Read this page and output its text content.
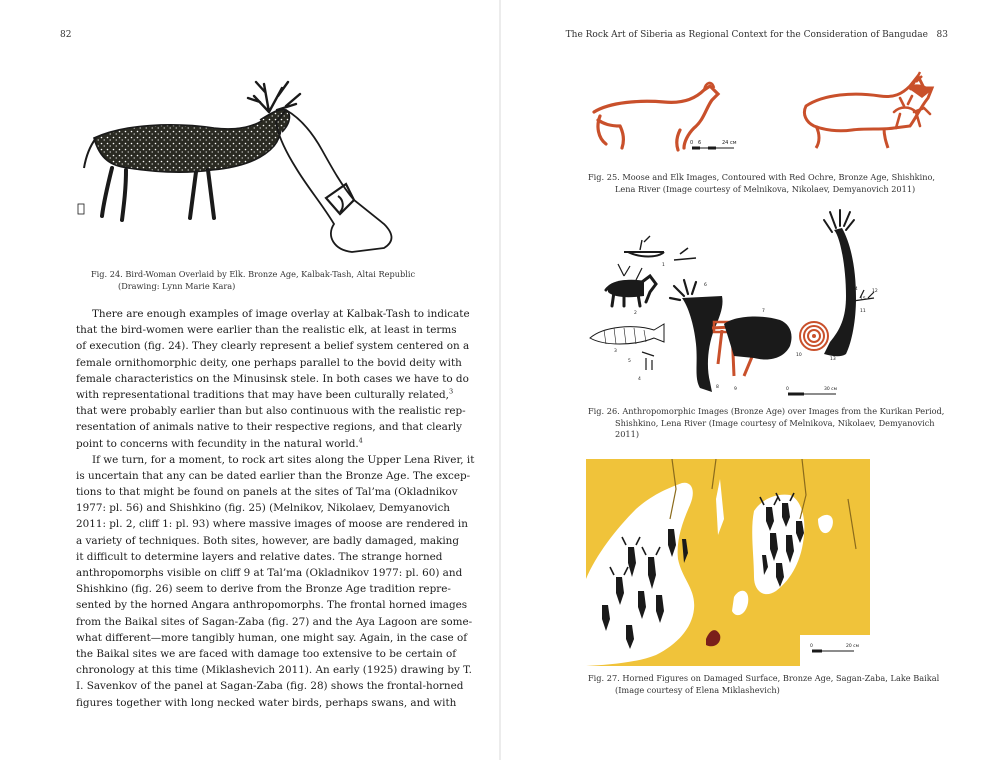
82
Fig. 24. Bird-Woman Overlaid by Elk. Bronze Age, Kalbak-Tash, Altai Republic
(Drawing: Lynn Marie Kara)
There are enough examples of image overlay at Kalbak-Tash to indicate
that the bird-women were earlier than the realistic elk, at least in terms
of execution (fig. 24). They clearly represent a belief system centered on a
female ornithomorphic deity, one perhaps parallel to the bovid deity with
female characteristics on the Minusinsk stele. In both cases we have to do
with representational traditions that may have been culturally related,$^3$
that were probably earlier than but also continuous with the realistic rep-
resentation of animals native to their respective regions, and that clearly
point to concerns with fecundity in the natural world.$^4$
If we turn, for a moment, to rock art sites along the Upper Lena River, it
is uncertain that any can be dated earlier than the Bronze Age. The excep-
tions to that might be found on panels at the sites of Tal’ma (Okladnikov
1977: pl. 56) and Shishkino (fig. 25) (Melnikov, Nikolaev, Demyanovich
2011: pl. 2, cliff 1: pl. 93) where massive images of moose are rendered in
a variety of techniques. Both sites, however, are badly damaged, making
it difficult to determine layers and relative dates. The strange horned
anthropomorphs visible on cliff 9 at Tal’ma (Okladnikov 1977: pl. 60) and
Shishkino (fig. 26) seem to derive from the Bronze Age tradition repre-
sented by the horned Angara anthropomorphs. The frontal horned images
from the Baikal sites of Sagan-Zaba (fig. 27) and the Aya Lagoon are some-
what different—more tangibly human, one might say. Again, in the case of
the Baikal sites we are faced with damage too extensive to be certain of
chronology at this time (Miklashevich 2011). An early (1925) drawing by T.
I. Savenkov of the panel at Sagan-Zaba (fig. 28) shows the frontal-horned
figures together with long necked water birds, perhaps swans, and with
The Rock Art of Siberia as Regional Context for the Consideration of Bangudae 83
0 6	24 см
Fig. 25. Moose and Elk Images, Contoured with Red Ochre, Bronze Age, Shishkino,
Lena River (Image courtesy of Melnikova, Nikolaev, Demyanovich 2011)
1
2
3
4
5
6
7
8	9
10
11
12
13
14
15
0	30 см
Fig. 26. Anthropomorphic Images (Bronze Age) over Images from the Kurikan Period,
Shishkino, Lena River (Image courtesy of Melnikova, Nikolaev, Demyanovich
2011)
0	20 см
Fig. 27. Horned Figures on Damaged Surface, Bronze Age, Sagan-Zaba, Lake Baikal
(Image courtesy of Elena Miklashevich)
